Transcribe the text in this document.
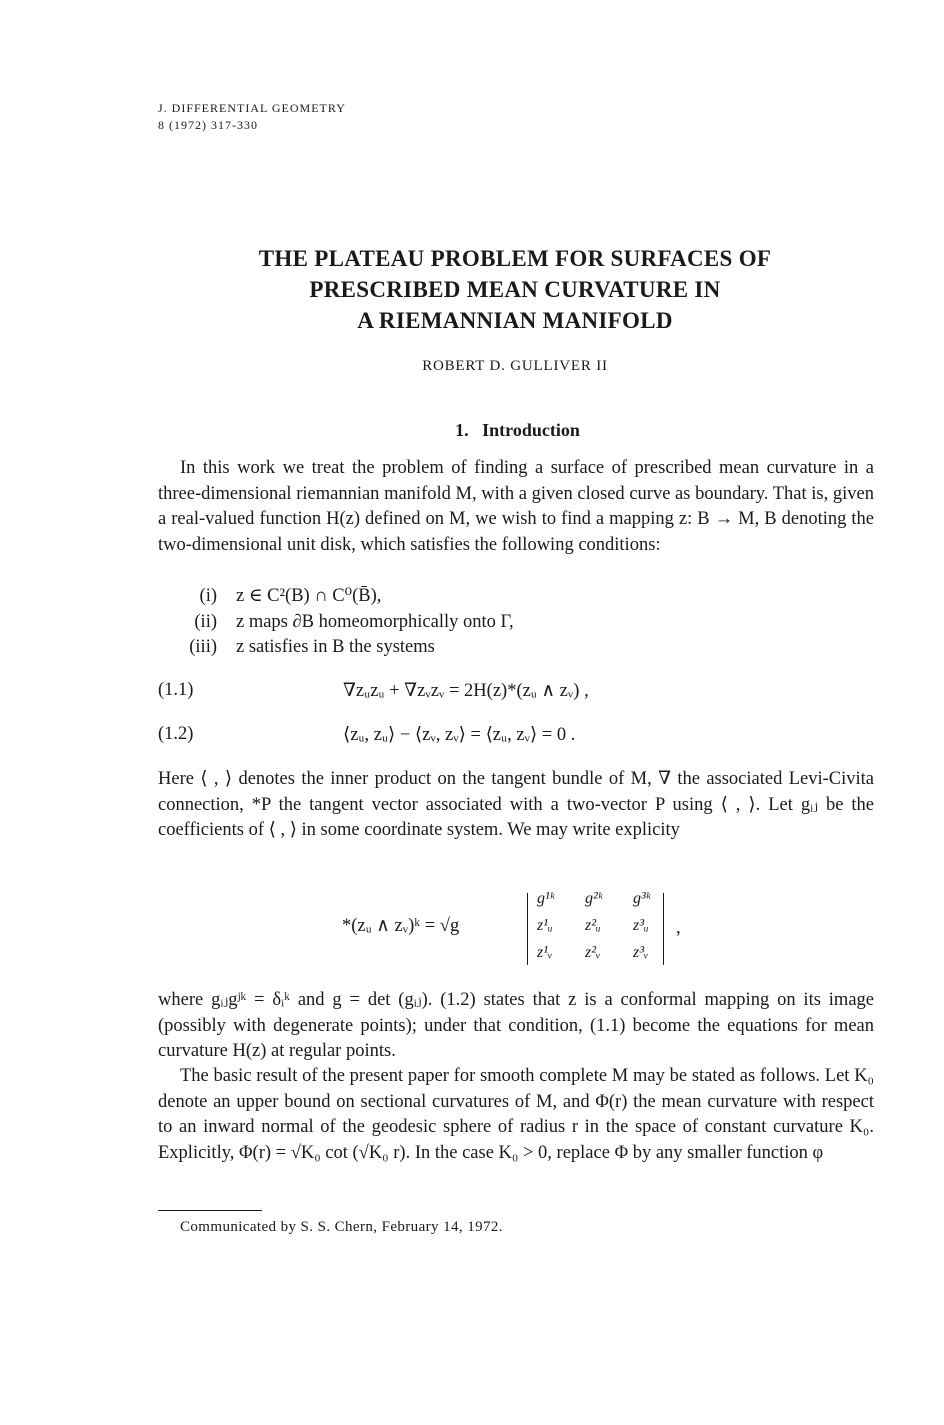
J. DIFFERENTIAL GEOMETRY
8 (1972) 317-330
THE PLATEAU PROBLEM FOR SURFACES OF
PRESCRIBED MEAN CURVATURE IN
A RIEMANNIAN MANIFOLD
ROBERT D. GULLIVER II
1. Introduction
In this work we treat the problem of finding a surface of prescribed mean curvature in a three-dimensional riemannian manifold M, with a given closed curve as boundary. That is, given a real-valued function H(z) defined on M, we wish to find a mapping z: B → M, B denoting the two-dimensional unit disk, which satisfies the following conditions:
(i) z ∈ C²(B) ∩ C⁰(B̄),
(ii) z maps ∂B homeomorphically onto Γ,
(iii) z satisfies in B the systems
(1.1)	∇zᵤzᵤ + ∇zᵥzᵥ = 2H(z)*(zᵤ ∧ zᵥ) ,
(1.2)	⟨zᵤ, zᵤ⟩ − ⟨zᵥ, zᵥ⟩ = ⟨zᵤ, zᵥ⟩ = 0 .
Here ⟨ , ⟩ denotes the inner product on the tangent bundle of M, ∇ the associated Levi-Civita connection, *P the tangent vector associated with a two-vector P using ⟨ , ⟩. Let gᵢⱼ be the coefficients of ⟨ , ⟩ in some coordinate system. We may write explicity
*(zᵤ ∧ zᵥ)ᵏ = √g
g¹ᵏ g²ᵏ g³ᵏ
z¹ᵤ z²ᵤ z³ᵤ
z¹ᵥ z²ᵥ z³ᵥ
,
where gᵢⱼgʲᵏ = δᵢᵏ and g = det (gᵢⱼ). (1.2) states that z is a conformal mapping on its image (possibly with degenerate points); under that condition, (1.1) become the equations for mean curvature H(z) at regular points.
The basic result of the present paper for smooth complete M may be stated as follows. Let K₀ denote an upper bound on sectional curvatures of M, and Φ(r) the mean curvature with respect to an inward normal of the geodesic sphere of radius r in the space of constant curvature K₀. Explicitly, Φ(r) = √K₀ cot (√K₀ r). In the case K₀ > 0, replace Φ by any smaller function φ
Communicated by S. S. Chern, February 14, 1972.
